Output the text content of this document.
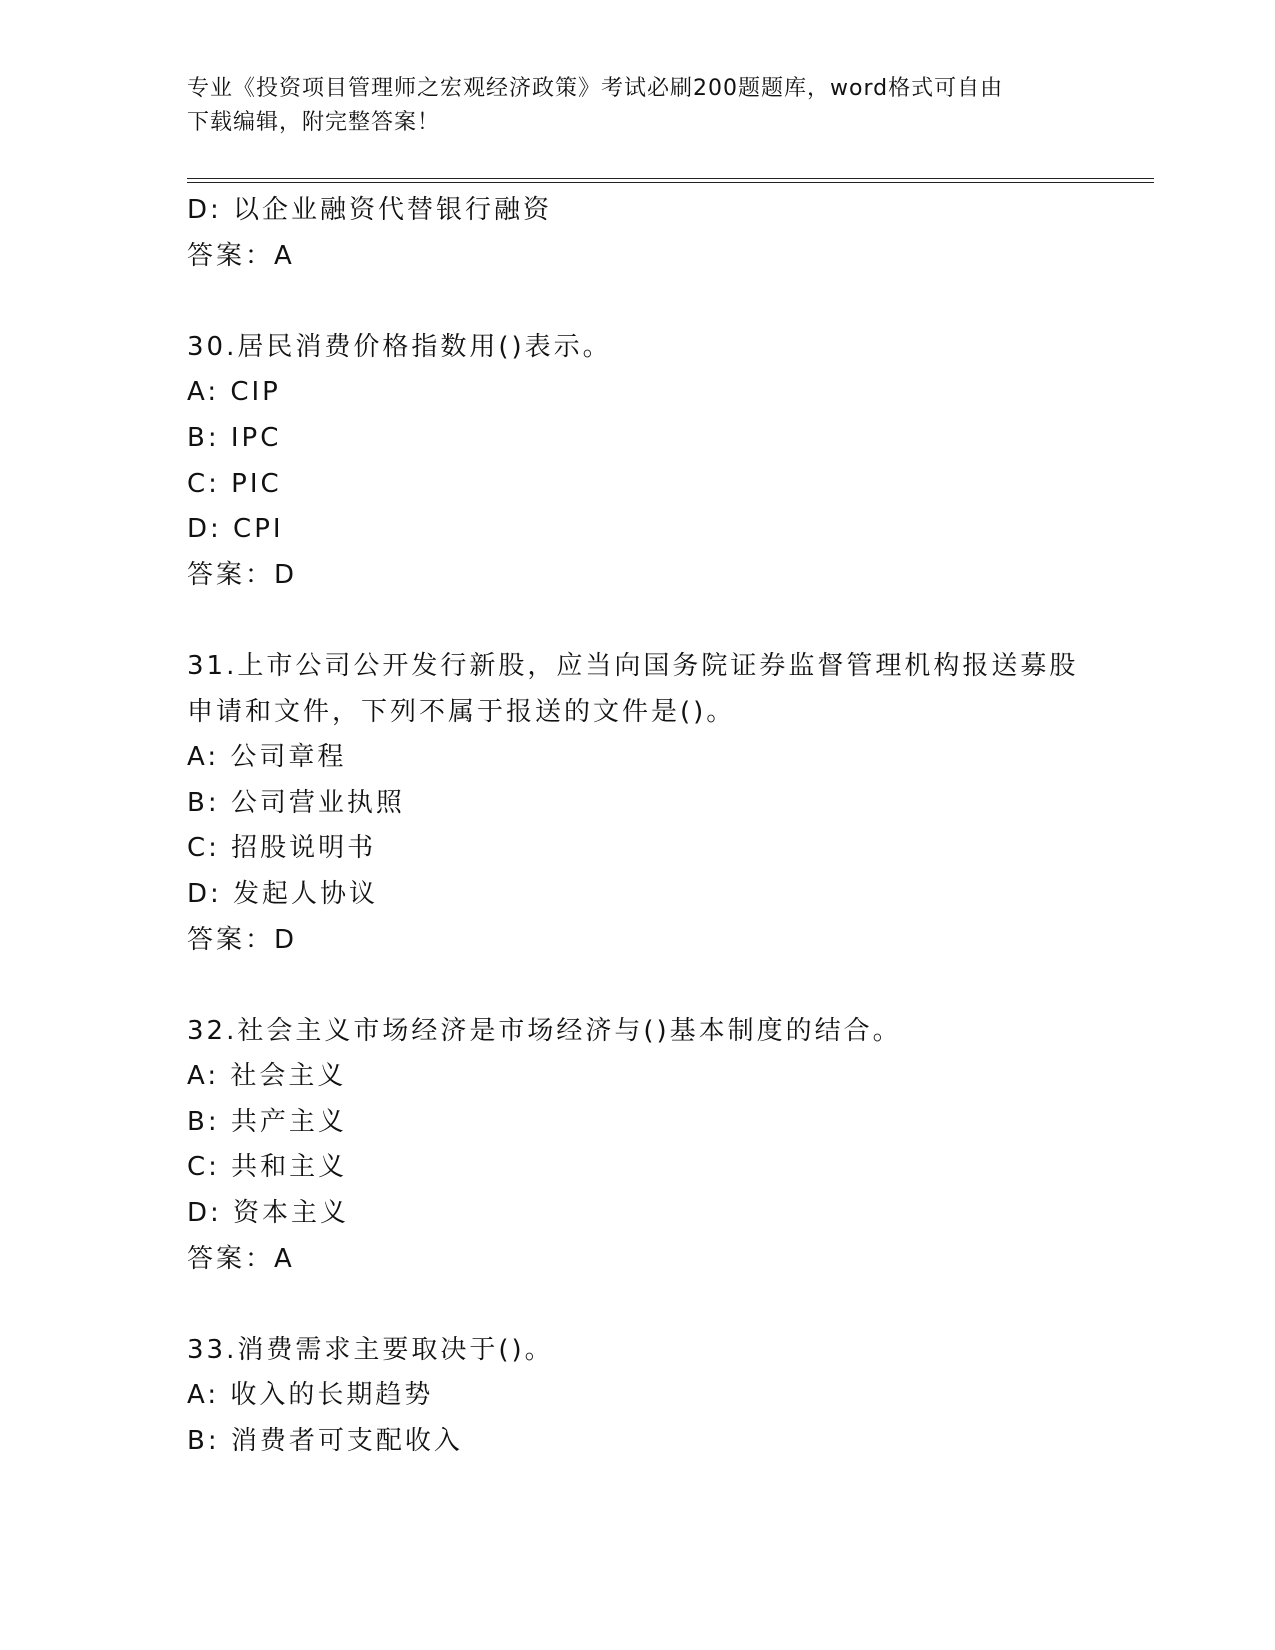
专业《投资项目管理师之宏观经济政策》考试必刷200题题库，word格式可自由
下载编辑，附完整答案！
D: 以企业融资代替银行融资
答案：A
30.居民消费价格指数用()表示。
A: CIP
B: IPC
C: PIC
D: CPI
答案：D
31.上市公司公开发行新股，应当向国务院证券监督管理机构报送募股
申请和文件，下列不属于报送的文件是()。
A: 公司章程
B: 公司营业执照
C: 招股说明书
D: 发起人协议
答案：D
32.社会主义市场经济是市场经济与()基本制度的结合。
A: 社会主义
B: 共产主义
C: 共和主义
D: 资本主义
答案：A
33.消费需求主要取决于()。
A: 收入的长期趋势
B: 消费者可支配收入
